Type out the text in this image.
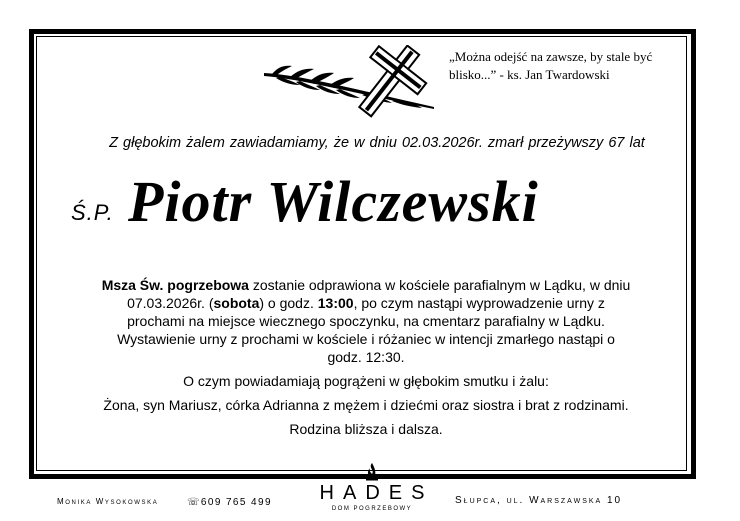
„Można odejść na zawsze, by stale być
blisko...” - ks. Jan Twardowski
Z głębokim żalem zawiadamiamy, że w dniu 02.03.2026r. zmarł przeżywszy 67 lat
Ś.P. Piotr Wilczewski
Msza Św. pogrzebowa zostanie odprawiona w kościele parafialnym w Lądku, w dniu
07.03.2026r. (sobota) o godz. 13:00, po czym nastąpi wyprowadzenie urny z
prochami na miejsce wiecznego spoczynku, na cmentarz parafialny w Lądku.
Wystawienie urny z prochami w kościele i różaniec w intencji zmarłego nastąpi o
godz. 12:30.
O czym powiadamiają pogrążeni w głębokim smutku i żalu:
Żona, syn Mariusz, córka Adrianna z mężem i dziećmi oraz siostra i brat z rodzinami.
Rodzina bliższa i dalsza.
Monika Wysokowska	☏609 765 499	HADES
DOM POGRZEBOWY
Słupca, ul. Warszawska 10
